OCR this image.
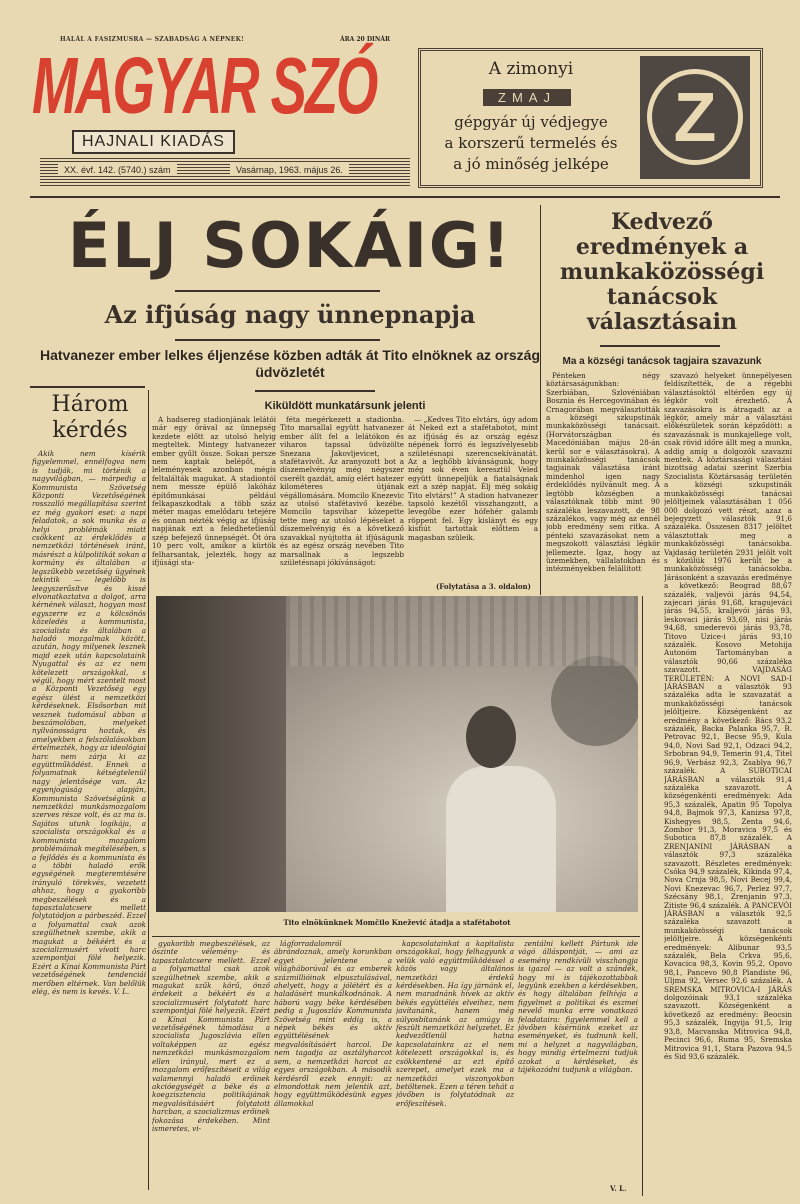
HALÁL A FASIZMUSRA — SZABADSÁG A NÉPNEK!	ÁRA 20 DINÁR
MAGYAR SZÓ
HAJNALI KIADÁS
XX. évf. 142. (5740.) szám	Vasárnap, 1963. május 26.
A zimonyi
ZMAJ
gépgyár új védjegye
a korszerű termelés és
a jó minőség jelképe
Z
ÉLJ SOKÁIG!
Az ifjúság nagy ünnepnapja
Hatvanezer ember lelkes éljenzése közben adták át Tito elnöknek az ország üdvözletét
Kiküldött munkatársunk jelenti
Kedvező eredmények a munkaközösségi tanácsok választásain
Ma a községi tanácsok tagjaira szavazunk

Pénteken négy köztársaságunkban: Szerbiában, Szlovéniában Bosznia és Hercegovinában és Crnagorában megválasztották a községi szkupstinák munkaközösségi tanácsait. (Horvátországban és Macedóniában május 28-án kerül sor e választásokra). A munkaközösségi tanácsok tagjainak választása iránt mindenhol igen nagy érdeklődés nyilvánult meg. A legtöbb községben a választóknak több mint 90 százaléka leszavazott, de 98 százalékos, vagy még az ennél jobb eredmény sem ritka. A pénteki szavazásokat nem a megszokott választási légkör jellemezte. Igaz, hogy az üzemekben, vállalatokban és intézményekben felállított

szavazó helyeket ünnepélyesen feldíszítették, de a régebbi választásoktól eltérően egy új légkör volt érezhető. A szavazásokra is átragadt az a légkör, amely már a választási előkészületek során képződött: a szavazásnak is munkajellege volt, csak rövid időre állt meg a munka, addig amíg a dolgozók szavazni mentek. A köztársasági választási bizottság adatai szerint Szerbia Szocialista Köztársaság területén a községi szkupstinák munkaközösségi tanácsai jelöltjeinek választásában 1 056 000 dolgozó vett részt, azaz a bejegyzett választók 91,6 százaléka. Összesen 8317 jelöltet választottak meg a munkaközösségi tanácsokba. Vajdaság területén 2931 jelölt volt s közülük 1976 került be a munkaközösségi tanácsokba. Járásonként a szavazás eredménye a következő: Beograd 88,67 százalék, valjevói járás 94,54, zajecari járás 91,68, kragujeváci járás 94,55, kraljevói járás 93, leskovaci járás 93,69, nisi járás 94,68, smederevói járás 93,78, Titovo Uzice-i járás 93,10 százalék. Kosovo Metohija Autonóm Tartományban a választók 90,66 százaléka szavazott. VAJDASÁG TERÜLETÉN: A NOVI SAD-I JÁRÁSBAN a választók 93 százaléka adta le szavazatát a munkaközösségi tanácsok jelöltjeire. Községenként az eredmény a következő: Bács 93,2 százalék, Backa Palanka 95,7, B. Petrovac 92,1, Becse 95,9, Kula 94,0, Novi Sad 92,1, Odzaci 94,2, Srbobran 94,9, Temerin 91,4, Titel 96,9, Verbász 92,3, Zsablya 96,7 százalék. A SUBOTICAI JÁRÁSBAN a választók 91,4 százaléka szavazott. A községenkénti eredmények: Ada 95,3 százalék, Apatin 95 Topolya 94,8, Bajmok 97,3, Kanizsa 97,8, Kishegyes 98,5, Zenta 94,6, Zombor 91,3, Moravica 97,5 és Subotica 87,8 százalék. A ZRENJANINI JÁRÁSBAN a választók 97,3 százaléka szavazott. Részletes eredmények: Csóka 94,9 százalék, Kikinda 97,4, Nova Crnja 98,5, Novi Becej 99,4, Novi Knezevac 96,7, Perlez 97,7, Szécsány 98,1, Zrenjanin 97,3, Zitiste 96,4 százalék. A PANCEVÓI JÁRÁSBAN a választók 92,5 százaléka szavazott a munkaközösségi tanácsok jelöltjeire. A községenkénti eredmények: Alibunar 93,5 százalék, Bela Crkva 95,6, Kovacica 98,3, Kovin 95,2, Opovo 98,1, Pancevo 90,8 Plandiste 96, Uljma 92, Versec 92,6 százalék. A SREMSKA MITROVICA-I JÁRÁS dolgozóinak 93,1 százaléka szavazott. Községenként a következő az eredmény: Beocsin 95,3 százalék, Ingyija 91,5, Irig 93,8, Macvanska Mitrovica 94,8, Pecinci 96,6, Ruma 95, Sremska Mitrovica 91,1, Stara Pazova 94,5 és Sid 93,6 százalék.

Három kérdés

Akik nem kísérik figyelemmel, ennélfogva nem is tudják, mi történik a nagyvilágban, — márpedig a Kommunista Szövetség Központi Vezetőségének rosszalló megállapítása szerint ez még gyakori eset: a napi feladatok, a sok munka és a helyi problémák miatt csökkent az érdeklődés a nemzetközi történések iránt, másrészt a külpolitikát sokan a kormány és általában a legszűkebb vezetőség ügyének tekintik — legelőbb is leegyszerűsítve és kissé elvonatkoztatva a dolgot, arra kérnének választ, hogyan most egyszerre ez a kölcsönös közeledés a kommunista, szocialista és általában a haladó mozgalmak között, azután, hogy milyenek lesznek majd ezek után kapcsolataink Nyugattal és az ez nem kötelezett országokkal, s végül, hogy mért szentelt most a Központi Vezetőség egy egész ülést a nemzetközi kérdéseknek. Elsősorban mit vesznek tudomásul abban a beszámolóban, melyeket nyilvánosságra hoztak, és amelyekben a felszólalásokban értelmezték, hogy az ideológiai harc nem zárja ki az együttműködést. Ennek a folyamatnak kétségtelenül nagy jelentősége van. Az egyenjogúság alapján, Kommunista Szövetségünk a nemzetközi munkásmozgalom szerves része volt, és az ma is. Sajátos utunk logikája, a szocialista országokkal és a kommunista mozgalom problémáinak megítélésében, s a fejlődés és a kommunista és a többi haladó erők egységének megteremtésére irányuló törekvés, vezetett ahhoz, hogy a gyakoribb megbeszélések és a tapasztalatcsere mellett folytatódjon a párbeszéd. Ezzel a folyamattal csak azok szegülhetnek szembe, akik a magukat a békéért és a szocializmusért vívott harc szempontjai fölé helyezik. Ezért a Kínai Kommunista Párt vezetőségének tendenciái merőben eltérnek. Van belőlük elég, és nem is kevés. V. L.

A hadsereg stadionjának lelátói már egy órával az ünnepség kezdete előtt az utolsó helyig megteltek. Mintegy hatvanezer ember gyűlt össze. Sokan persze nem kaptak belépőt, a leleményesek azonban mégis feltalálták magukat. A stadiontól nem messze épülő lakóház építőmunkásai például felkapaszkodtak a több száz méter magas emelődaru tetejére és onnan nézték végig az ifjúság napjának ezt a feledhetetlenül szép befejező ünnepségét. Öt óra 10 perc volt, amikor a kürtök felharsantak, jelezték, hogy az ifjúsági sta-

féta megérkezett a stadionba. Tito marsallal együtt hatvanezer ember állt fel a lelátókon és viharos tapssal üdvözölte Snezana Jakovljevicet, a stafétavivőt. Az aranyozott bot a díszemelvényig még négyszer cserélt gazdát, amíg elért hatezer kilométeres útjának végállomására. Momcilo Knezevic az utolsó stafétavivő kezébe. Momcilo tapsvihar közepette tette meg az utolsó lépéseket a díszemelvényig és a következő szavakkal nyújtotta át ifjúságunk és az egész ország nevében Tito marsallnak a legszebb születésnapi jókívánságot:

— „Kedves Tito elvtárs, úgy adom át Neked ezt a stafétabotot, mint az ifjúság és az ország egész népének forró és legszívélyesebb születésnapi szerencsekívánatát. Az a leghőbb kívánságunk, hogy még sok éven keresztül Veled együtt ünnepeljük a fiatalságnak ezt a szép napját. Élj még sokáig Tito elvtárs!” A stadion hatvanezer tapsoló kezétől visszhangzott, a levegőbe ezer hófehér galamb röppent fel. Egy kislányt és egy kisfiút tartottak előttem a magasban szüleik.

(Folytatása a 3. oldalon)
Tito elnökünknek Momčilo Knežević átadja a stafétabotot

gyakoribb megbeszélések, az őszinte vélemény- és tapasztalatcsere mellett. Ezzel a folyamattal csak azok szegülhetnek szembe, akik a magukat szűk körű, önző érdekeit a békéért és a szocializmusért folytatott harc szempontjai fölé helyezik. Ezért a Kínai Kommunista Párt vezetőségének támadása a szocialista Jugoszlávia ellen voltaképpen az egész nemzetközi munkásmozgalom ellen irányul, mert ez a mozgalom erőfeszítéseit a világ valamennyi haladó erőinek akcióegységét a béke és a koegzisztencia politikájának megvalósításáért folytatott harcban, a szocializmus erőinek fokozása érdekében. Mint ismeretes, vi-

lágforradalomról ábrándoznak, amely korunkban egyet jelentene a világháborúval és az emberek százmillióinak elpusztulásával, ahelyett, hogy a jólétért és a haladásért munkálkodnának. A háború vagy béke kérdésében pedig a Jugoszláv Kommunista Szövetség mint eddig is, a népek békés és aktív együttélésének megvalósításáért harcol. De nem tagadja az osztályharcot sem, a nemzetközi harcot az egyes országokban. A második kérdésről ezek ennyit: az elmondottak nem jelentik azt, hogy együttműködésünk egyes államokkal

kapcsolatainkat a kapitalista országokkal, hogy felhagyunk a velük való együttműködéssel a közös vagy általános nemzetközi érdekű kérdésekben. Ha így járnánk el, nem maradnánk hívek az aktív békés együttélés elveihez, nem javítanánk, hanem még súlyosbítanánk az amúgy is feszült nemzetközi helyzetet. Ez kedvezőtlenül hatna kapcsolatainkra az el nem kötelezett országokkal is, és csökkentené az ezt építő szerepet, amelyet ezek ma a nemzetközi viszonyokban betöltenek. Ezen a téren tehát a jövőben is folytatódnak az erőfeszítések.

zentálni kellett Pártunk ide vágó álláspontját, — ami az esemény rendkívüli visszhangja is igazol — az volt a szándék, hogy mi is tájékozottabbak legyünk ezekben a kérdésekben, és hogy általában felhívja a figyelmet a politikai és eszmei nevelő munka erre vonatkozó feladataira: figyelemmel kell a jövőben kísérnünk ezeket az eseményeket, és tudnunk kell, mi a helyzet a nagyvilágban, hogy mindig értelmezni tudjuk azokat a kérdéseket, és tájékozódni tudjunk a világban.

V. L.
